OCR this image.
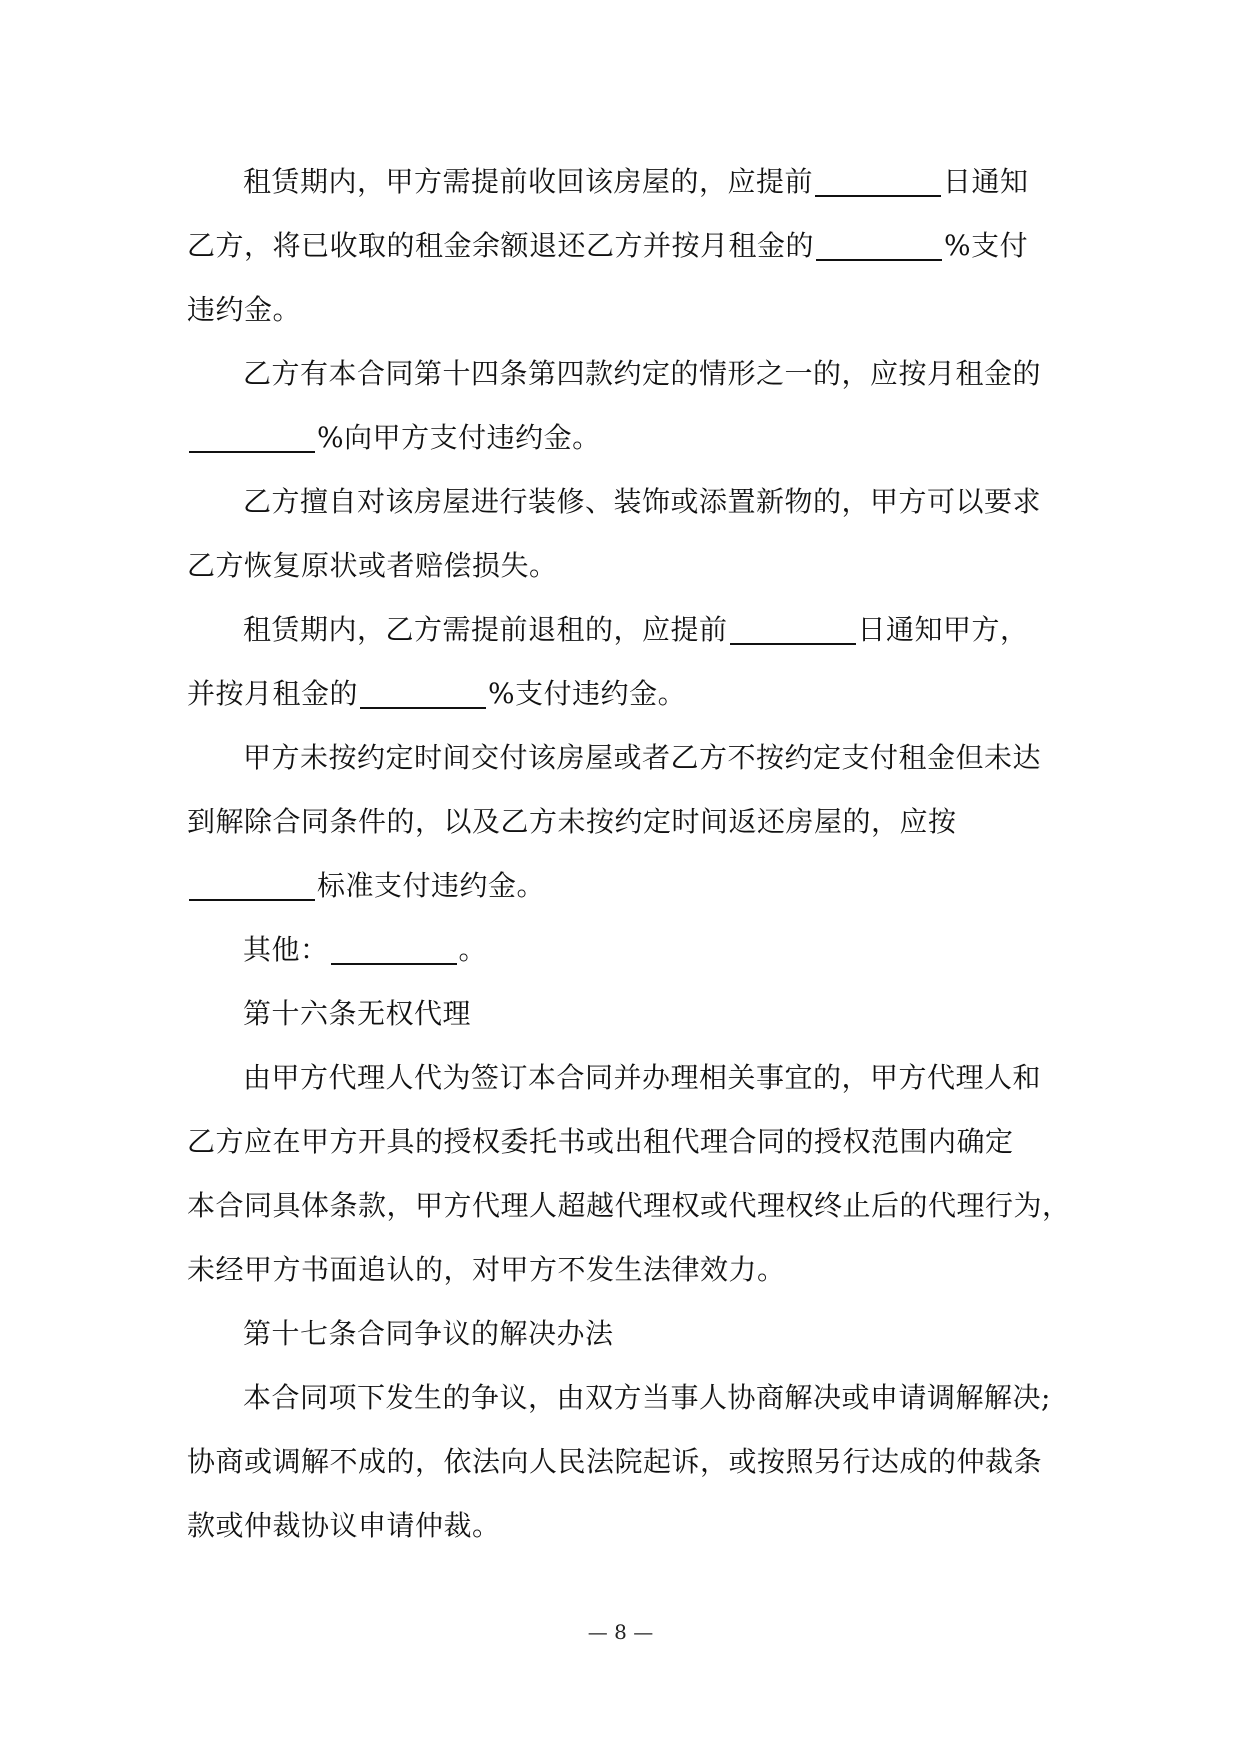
租赁期内，甲方需提前收回该房屋的，应提前	日通知
乙方，将已收取的租金余额退还乙方并按月租金的	%支付
违约金。
乙方有本合同第十四条第四款约定的情形之一的，应按月租金的
%向甲方支付违约金。
乙方擅自对该房屋进行装修、装饰或添置新物的，甲方可以要求
乙方恢复原状或者赔偿损失。
租赁期内，乙方需提前退租的，应提前	日通知甲方，
并按月租金的	%支付违约金。
甲方未按约定时间交付该房屋或者乙方不按约定支付租金但未达
到解除合同条件的，以及乙方未按约定时间返还房屋的，应按
标准支付违约金。
其他：	。
第十六条无权代理
由甲方代理人代为签订本合同并办理相关事宜的，甲方代理人和
乙方应在甲方开具的授权委托书或出租代理合同的授权范围内确定
本合同具体条款，甲方代理人超越代理权或代理权终止后的代理行为，
未经甲方书面追认的，对甲方不发生法律效力。
第十七条合同争议的解决办法
本合同项下发生的争议，由双方当事人协商解决或申请调解解决;
协商或调解不成的，依法向人民法院起诉，或按照另行达成的仲裁条
款或仲裁协议申请仲裁。
— 8 —
